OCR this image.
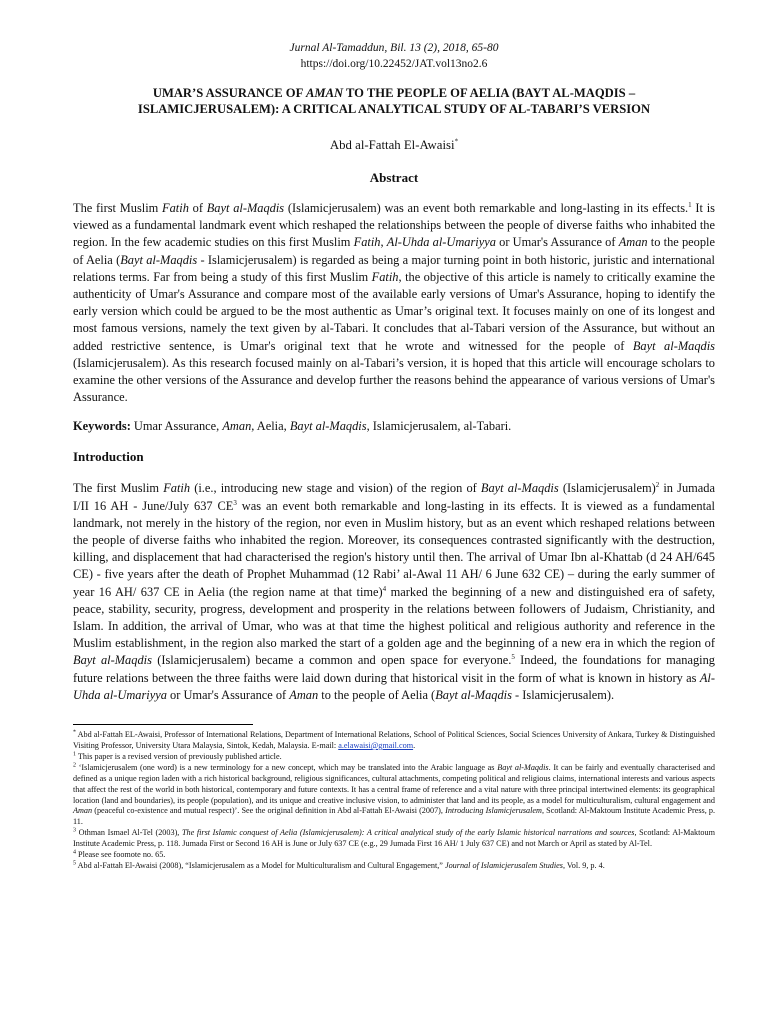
Jurnal Al-Tamaddun, Bil. 13 (2), 2018, 65-80
https://doi.org/10.22452/JAT.vol13no2.6
UMAR’S ASSURANCE OF AMAN TO THE PEOPLE OF AELIA (BAYT AL-MAQDIS –
ISLAMICJERUSALEM): A CRITICAL ANALYTICAL STUDY OF AL-TABARI’S VERSION
Abd al-Fattah El-Awaisi*
Abstract

The first Muslim Fatih of Bayt al-Maqdis (Islamicjerusalem) was an event both remarkable and long-lasting in its effects.$^1$ It is viewed as a fundamental landmark event which reshaped the relationships between the people of diverse faiths who inhabited the region. In the few academic studies on this first Muslim Fatih, Al-Uhda al-Umariyya or Umar's Assurance of Aman to the people of Aelia (Bayt al-Maqdis - Islamicjerusalem) is regarded as being a major turning point in both historic, juristic and international relations terms. Far from being a study of this first Muslim Fatih, the objective of this article is namely to critically examine the authenticity of Umar's Assurance and compare most of the available early versions of Umar's Assurance, hoping to identify the early version which could be argued to be the most authentic as Umar’s original text. It focuses mainly on one of its longest and most famous versions, namely the text given by al-Tabari. It concludes that al-Tabari version of the Assurance, but without an added restrictive sentence, is Umar's original text that he wrote and witnessed for the people of Bayt al-Maqdis (Islamicjerusalem). As this research focused mainly on al-Tabari’s version, it is hoped that this article will encourage scholars to examine the other versions of the Assurance and develop further the reasons behind the appearance of various versions of Umar's Assurance.

Keywords: Umar Assurance, Aman, Aelia, Bayt al-Maqdis, Islamicjerusalem, al-Tabari.

Introduction

The first Muslim Fatih (i.e., introducing new stage and vision) of the region of Bayt al-Maqdis (Islamicjerusalem)$^2$ in Jumada I/II 16 AH - June/July 637 $CE^3$ was an event both remarkable and long-lasting in its effects. It is viewed as a fundamental landmark, not merely in the history of the region, nor even in Muslim history, but as an event which reshaped relations between the people of diverse faiths who inhabited the region. Moreover, its consequences contrasted significantly with the destruction, killing, and displacement that had characterised the region's history until then. The arrival of Umar Ibn al-Khattab (d 24 AH/645 CE) - five years after the death of Prophet Muhammad (12 Rabi’ al-Awal 11 AH/ 6 June 632 CE) – during the early summer of year 16 AH/ 637 CE in Aelia (the region name at that time)$^4$ marked the beginning of a new and distinguished era of safety, peace, stability, security, progress, development and prosperity in the relations between followers of Judaism, Christianity, and Islam. In addition, the arrival of Umar, who was at that time the highest political and religious authority and reference in the Muslim establishment, in the region also marked the start of a golden age and the beginning of a new era in which the region of Bayt al-Maqdis (Islamicjerusalem) became a common and open space for everyone.$^5$ Indeed, the foundations for managing future relations between the three faiths were laid down during that historical visit in the form of what is known in history as Al-Uhda al-Umariyya or Umar's Assurance of Aman to the people of Aelia (Bayt al-Maqdis - Islamicjerusalem).

* Abd al-Fattah EL-Awaisi, Professor of International Relations, Department of International Relations, School of Political Sciences, Social Sciences University of Ankara, Turkey & Distinguished Visiting Professor, University Utara Malaysia, Sintok, Kedah, Malaysia. E-mail: a.elawaisi@gmail.com.

$^1$ This paper is a revised version of previously published article.

$^2$ ‘Islamicjerusalem (one word) is a new terminology for a new concept, which may be translated into the Arabic language as Bayt al-Maqdis. It can be fairly and eventually characterised and defined as a unique region laden with a rich historical background, religious significances, cultural attachments, competing political and religious claims, international interests and various aspects that affect the rest of the world in both historical, contemporary and future contexts. It has a central frame of reference and a vital nature with three principal intertwined elements: its geographical location (land and boundaries), its people (population), and its unique and creative inclusive vision, to administer that land and its people, as a model for multiculturalism, cultural engagement and Aman (peaceful co-existence and mutual respect)’. See the original definition in Abd al-Fattah El-Awaisi (2007), Introducing Islamicjerusalem, Scotland: Al-Maktoum Institute Academic Press, p. 11.

$^3$ Othman Ismael Al-Tel (2003), The first Islamic conquest of Aelia (Islamicjerusalem): A critical analytical study of the early Islamic historical narrations and sources, Scotland: Al-Maktoum Institute Academic Press, p. 118. Jumada First or Second 16 AH is June or July 637 CE (e.g., 29 Jumada First 16 AH/ 1 July 637 CE) and not March or April as stated by Al-Tel.

$^4$ Please see foomote no. 65.

$^5$ Abd al-Fattah El-Awaisi (2008), “Islamicjerusalem as a Model for Multiculturalism and Cultural Engagement,” Journal of Islamicjerusalem Studies, Vol. 9, p. 4.
